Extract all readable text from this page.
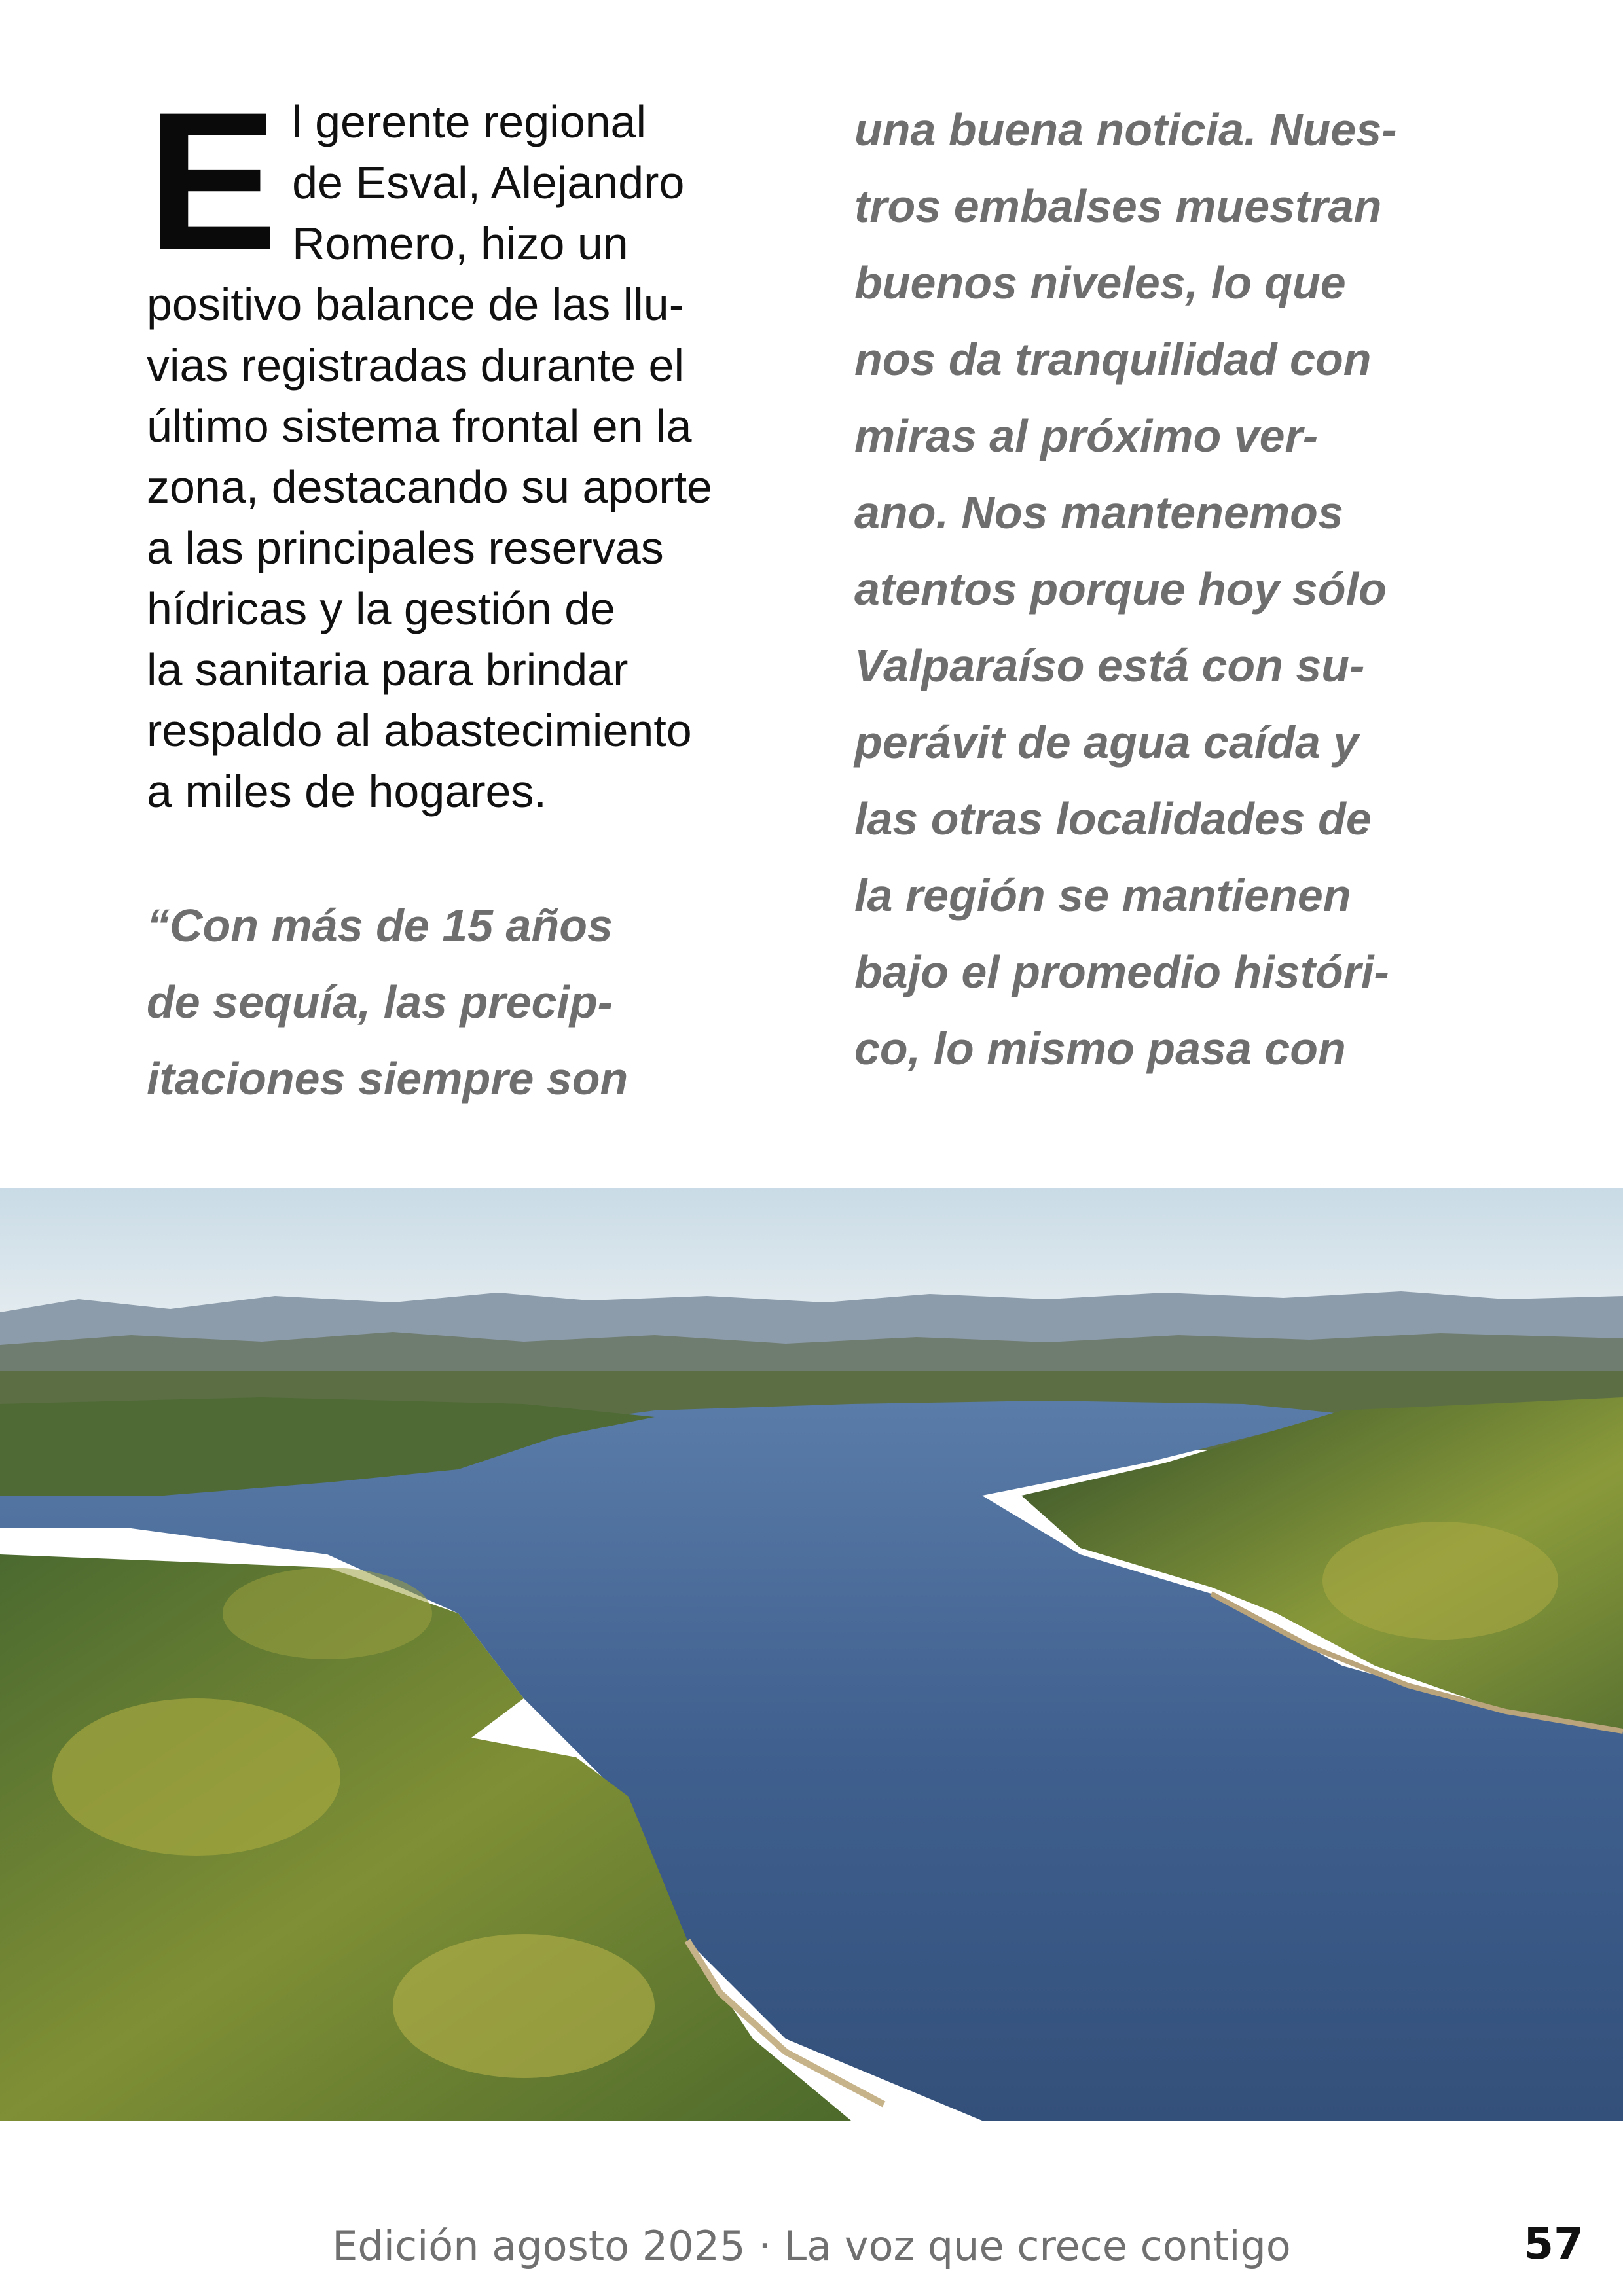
E l gerente regional
de Esval, Alejandro
Romero, hizo un
positivo balance de las llu-
vias registradas durante el
último sistema frontal en la
zona, destacando su aporte
a las principales reservas
hídricas y la gestión de
la sanitaria para brindar
respaldo al abastecimiento
a miles de hogares.

“Con más de 15 años
de sequía, las precip-
itaciones siempre son
una buena noticia. Nues-
tros embalses muestran
buenos niveles, lo que
nos da tranquilidad con
miras al próximo ver-
ano. Nos mantenemos
atentos porque hoy sólo
Valparaíso está con su-
perávit de agua caída y
las otras localidades de
la región se mantienen
bajo el promedio históri-
co, lo mismo pasa con
Edición agosto 2025 · La voz que crece contigo	57
